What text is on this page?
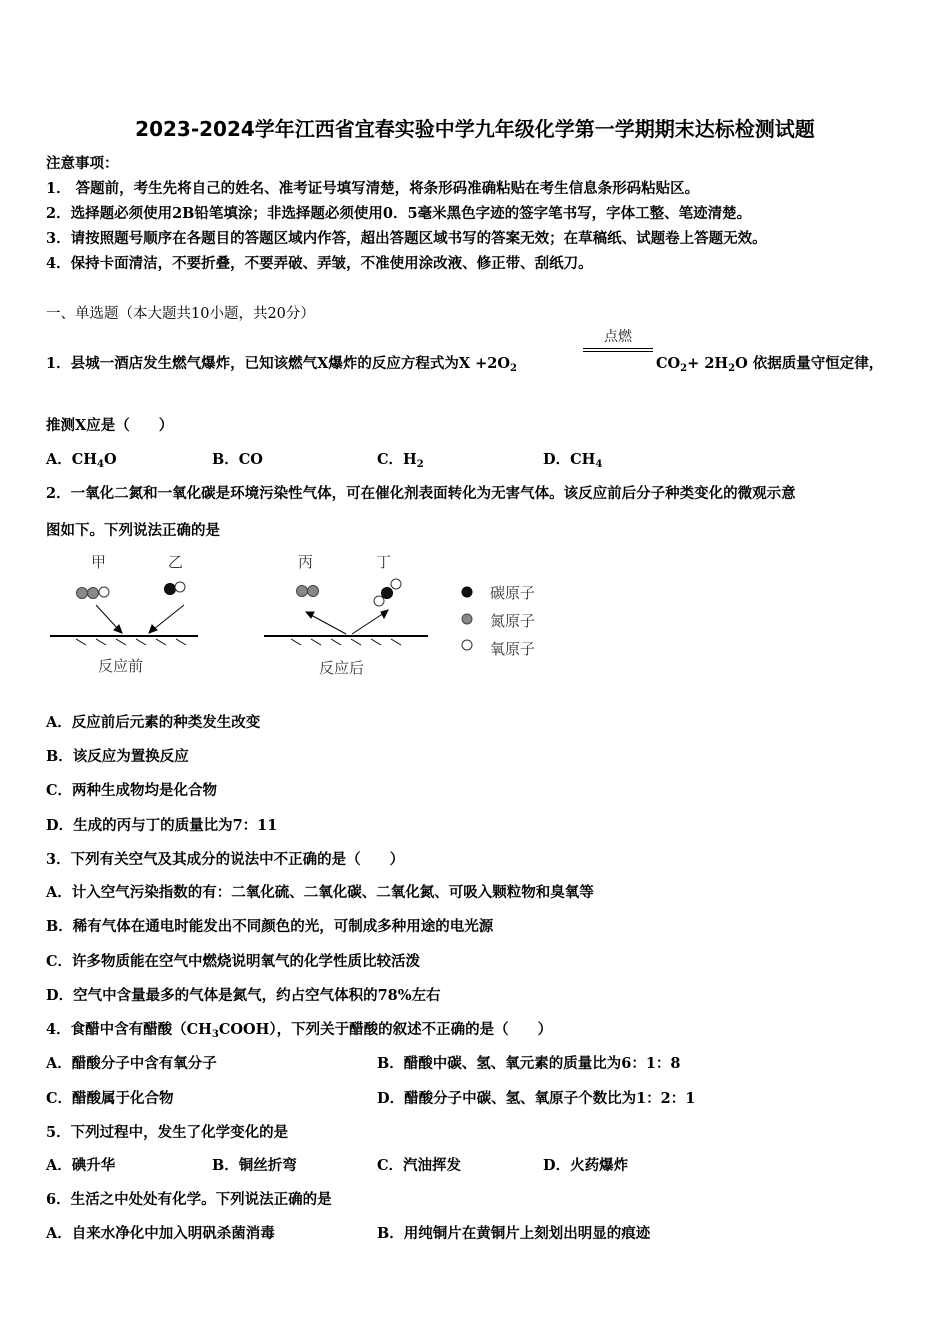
2023-2024学年江西省宜春实验中学九年级化学第一学期期末达标检测试题
注意事项：
1． 答题前，考生先将自己的姓名、准考证号填写清楚，将条形码准确粘贴在考生信息条形码粘贴区。
2．选择题必须使用2B铅笔填涂；非选择题必须使用0．5毫米黑色字迹的签字笔书写，字体工整、笔迹清楚。
3．请按照题号顺序在各题目的答题区域内作答，超出答题区域书写的答案无效；在草稿纸、试题卷上答题无效。
4．保持卡面清洁，不要折叠，不要弄破、弄皱，不准使用涂改液、修正带、刮纸刀。
一、单选题（本大题共10小题，共20分）
1．县城一酒店发生燃气爆炸，已知该燃气X爆炸的反应方程式为$X +2O_2$
点燃
$CO_2+ 2H_2O$ 依据质量守恒定律，
推测X应是（　　）
A．$CH_4O$	B．CO	C．$H_2$	D．$CH_4$
2．一氧化二氮和一氧化碳是环境污染性气体，可在催化剂表面转化为无害气体。该反应前后分子种类变化的微观示意
图如下。下列说法正确的是
甲	乙	丙	丁
反应前	反应后
碳原子
氮原子
氧原子
A．反应前后元素的种类发生改变
B．该反应为置换反应
C．两种生成物均是化合物
D．生成的丙与丁的质量比为7：11
3．下列有关空气及其成分的说法中不正确的是（　　）
A．计入空气污染指数的有：二氧化硫、二氧化碳、二氧化氮、可吸入颗粒物和臭氧等
B．稀有气体在通电时能发出不同颜色的光，可制成多种用途的电光源
C．许多物质能在空气中燃烧说明氧气的化学性质比较活泼
D．空气中含量最多的气体是氮气，约占空气体积的78%左右
4．食醋中含有醋酸$(CH_3COOH)$，下列关于醋酸的叙述不正确的是（　　）
A．醋酸分子中含有氧分子	B．醋酸中碳、氢、氧元素的质量比为6：1：8
C．醋酸属于化合物	D．醋酸分子中碳、氢、氧原子个数比为1：2：1
5．下列过程中，发生了化学变化的是
A．碘升华	B．铜丝折弯	C．汽油挥发	D．火药爆炸
6．生活之中处处有化学。下列说法正确的是
A．自来水净化中加入明矾杀菌消毒	B．用纯铜片在黄铜片上刻划出明显的痕迹
